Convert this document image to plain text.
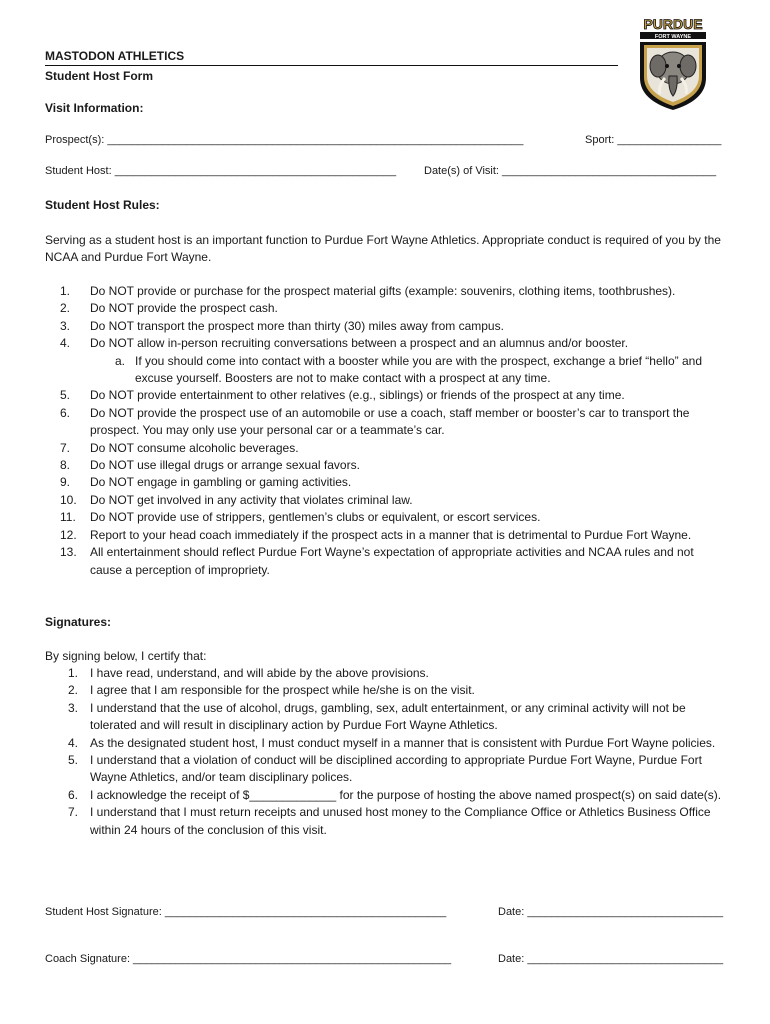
PURDUE
FORT WAYNE
MASTODON ATHLETICS
Student Host Form
Visit Information:
Prospect(s): ____________________________________________________________________	Sport: _________________
Student Host: ______________________________________________	Date(s) of Visit: ___________________________________
Student Host Rules:
Serving as a student host is an important function to Purdue Fort Wayne Athletics. Appropriate conduct is required of you by the NCAA and Purdue Fort Wayne.
1.	Do NOT provide or purchase for the prospect material gifts (example: souvenirs, clothing items, toothbrushes).
2.	Do NOT provide the prospect cash.
3.	Do NOT transport the prospect more than thirty (30) miles away from campus.
4.	Do NOT allow in-person recruiting conversations between a prospect and an alumnus and/or booster.
a. If you should come into contact with a booster while you are with the prospect, exchange a brief “hello” and excuse yourself. Boosters are not to make contact with a prospect at any time.
5.	Do NOT provide entertainment to other relatives (e.g., siblings) or friends of the prospect at any time.
6.	Do NOT provide the prospect use of an automobile or use a coach, staff member or booster’s car to transport the prospect. You may only use your personal car or a teammate’s car.
7.	Do NOT consume alcoholic beverages.
8.	Do NOT use illegal drugs or arrange sexual favors.
9.	Do NOT engage in gambling or gaming activities.
10.	Do NOT get involved in any activity that violates criminal law.
11.	Do NOT provide use of strippers, gentlemen’s clubs or equivalent, or escort services.
12.	Report to your head coach immediately if the prospect acts in a manner that is detrimental to Purdue Fort Wayne.
13.	All entertainment should reflect Purdue Fort Wayne’s expectation of appropriate activities and NCAA rules and not cause a perception of impropriety.
Signatures:
By signing below, I certify that:
1. I have read, understand, and will abide by the above provisions.
2. I agree that I am responsible for the prospect while he/she is on the visit.
3. I understand that the use of alcohol, drugs, gambling, sex, adult entertainment, or any criminal activity will not be tolerated and will result in disciplinary action by Purdue Fort Wayne Athletics.
4. As the designated student host, I must conduct myself in a manner that is consistent with Purdue Fort Wayne policies.
5. I understand that a violation of conduct will be disciplined according to appropriate Purdue Fort Wayne, Purdue Fort Wayne Athletics, and/or team disciplinary polices.
6. I acknowledge the receipt of $_____________ for the purpose of hosting the above named prospect(s) on said date(s).
7. I understand that I must return receipts and unused host money to the Compliance Office or Athletics Business Office within 24 hours of the conclusion of this visit.
Student Host Signature: ______________________________________________	Date: ________________________________
Coach Signature: ____________________________________________________	Date: ________________________________
